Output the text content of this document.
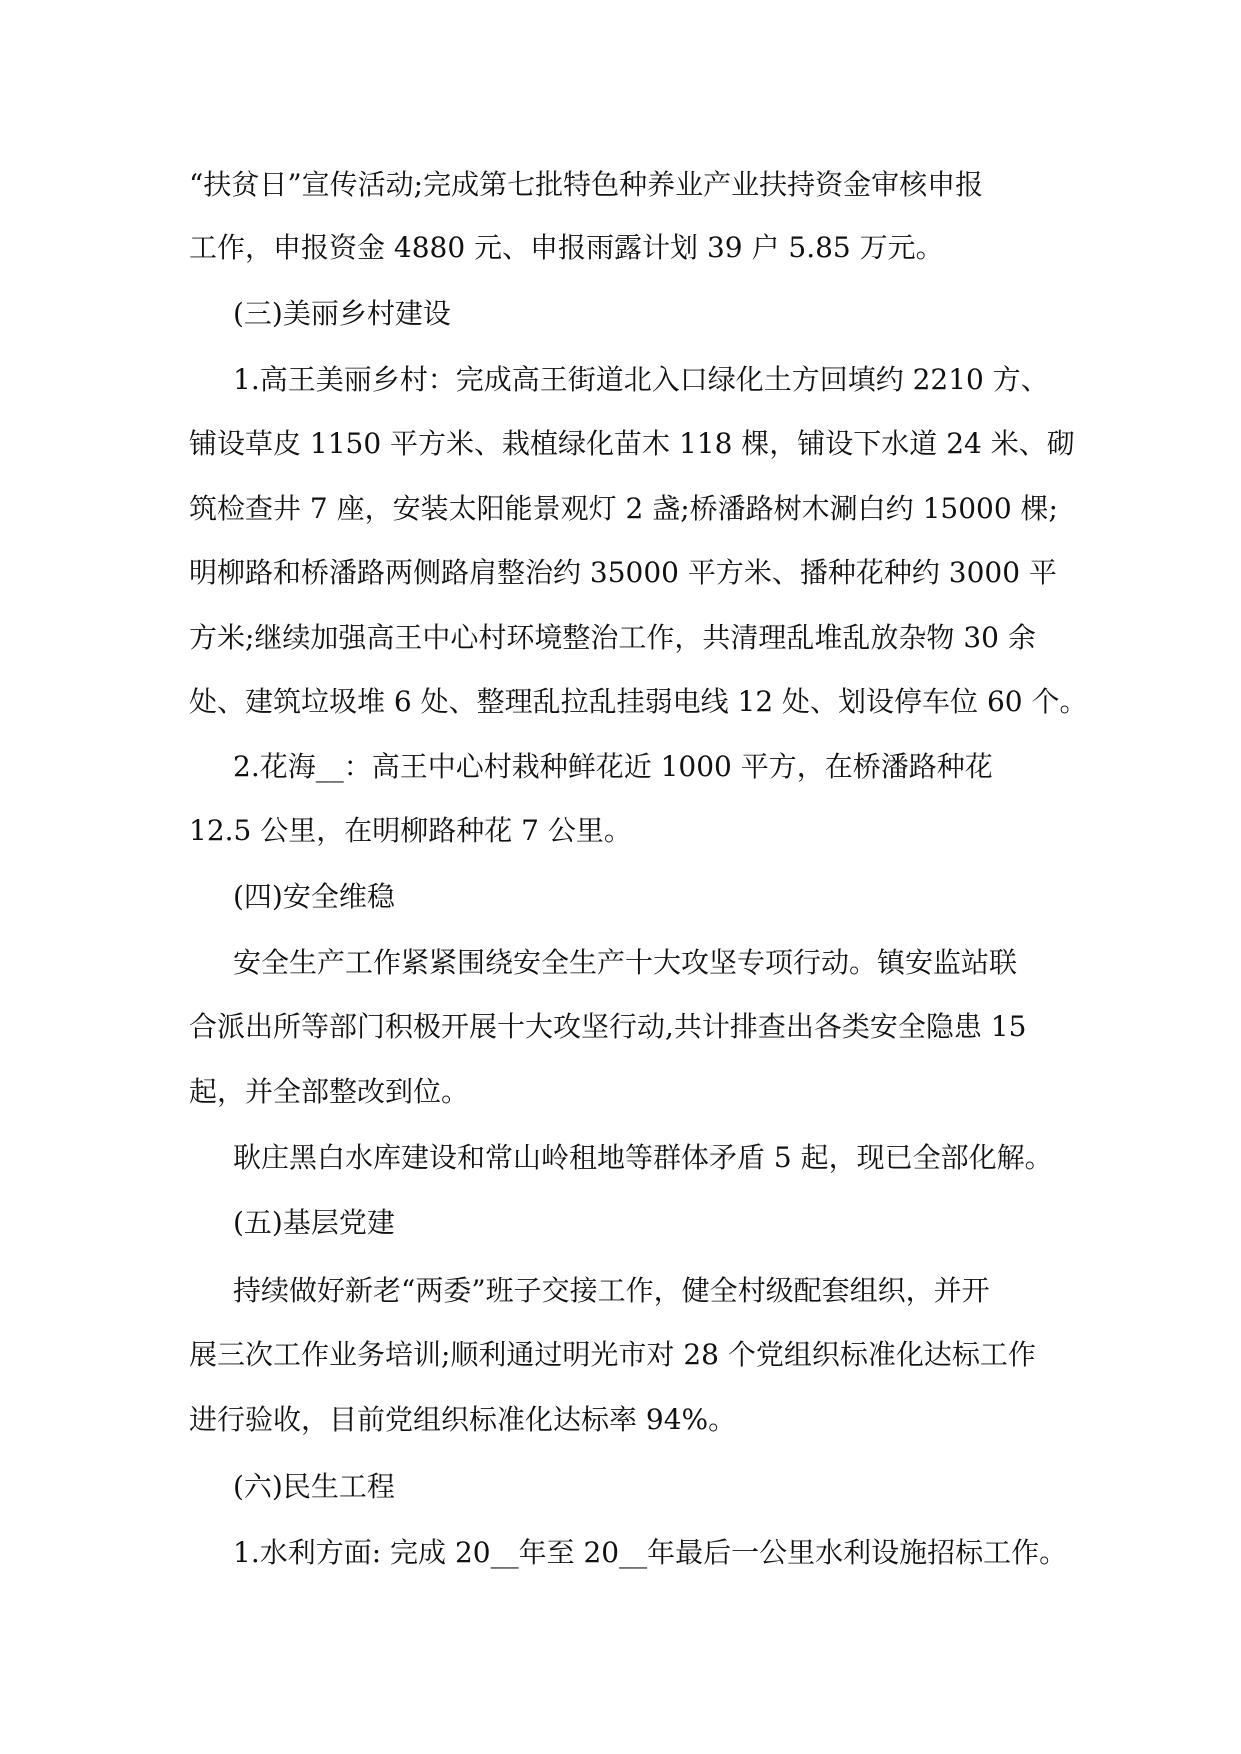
“扶贫日”宣传活动;完成第七批特色种养业产业扶持资金审核申报
工作，申报资金 4880 元、申报雨露计划 39 户 5.85 万元。
(三)美丽乡村建设
1.高王美丽乡村：完成高王街道北入口绿化土方回填约 2210 方、
铺设草皮 1150 平方米、栽植绿化苗木 118 棵，铺设下水道 24 米、砌
筑检查井 7 座，安装太阳能景观灯 2 盏;桥潘路树木涮白约 15000 棵;
明柳路和桥潘路两侧路肩整治约 35000 平方米、播种花种约 3000 平
方米;继续加强高王中心村环境整治工作，共清理乱堆乱放杂物 30 余
处、建筑垃圾堆 6 处、整理乱拉乱挂弱电线 12 处、划设停车位 60 个。
2.花海__：高王中心村栽种鲜花近 1000 平方，在桥潘路种花
12.5 公里，在明柳路种花 7 公里。
(四)安全维稳
安全生产工作紧紧围绕安全生产十大攻坚专项行动。镇安监站联
合派出所等部门积极开展十大攻坚行动,共计排查出各类安全隐患 15
起，并全部整改到位。
耿庄黑白水库建设和常山岭租地等群体矛盾 5 起，现已全部化解。
(五)基层党建
持续做好新老“两委”班子交接工作，健全村级配套组织，并开
展三次工作业务培训;顺利通过明光市对 28 个党组织标准化达标工作
进行验收，目前党组织标准化达标率 94%。
(六)民生工程
1.水利方面: 完成 20__年至 20__年最后一公里水利设施招标工作。
